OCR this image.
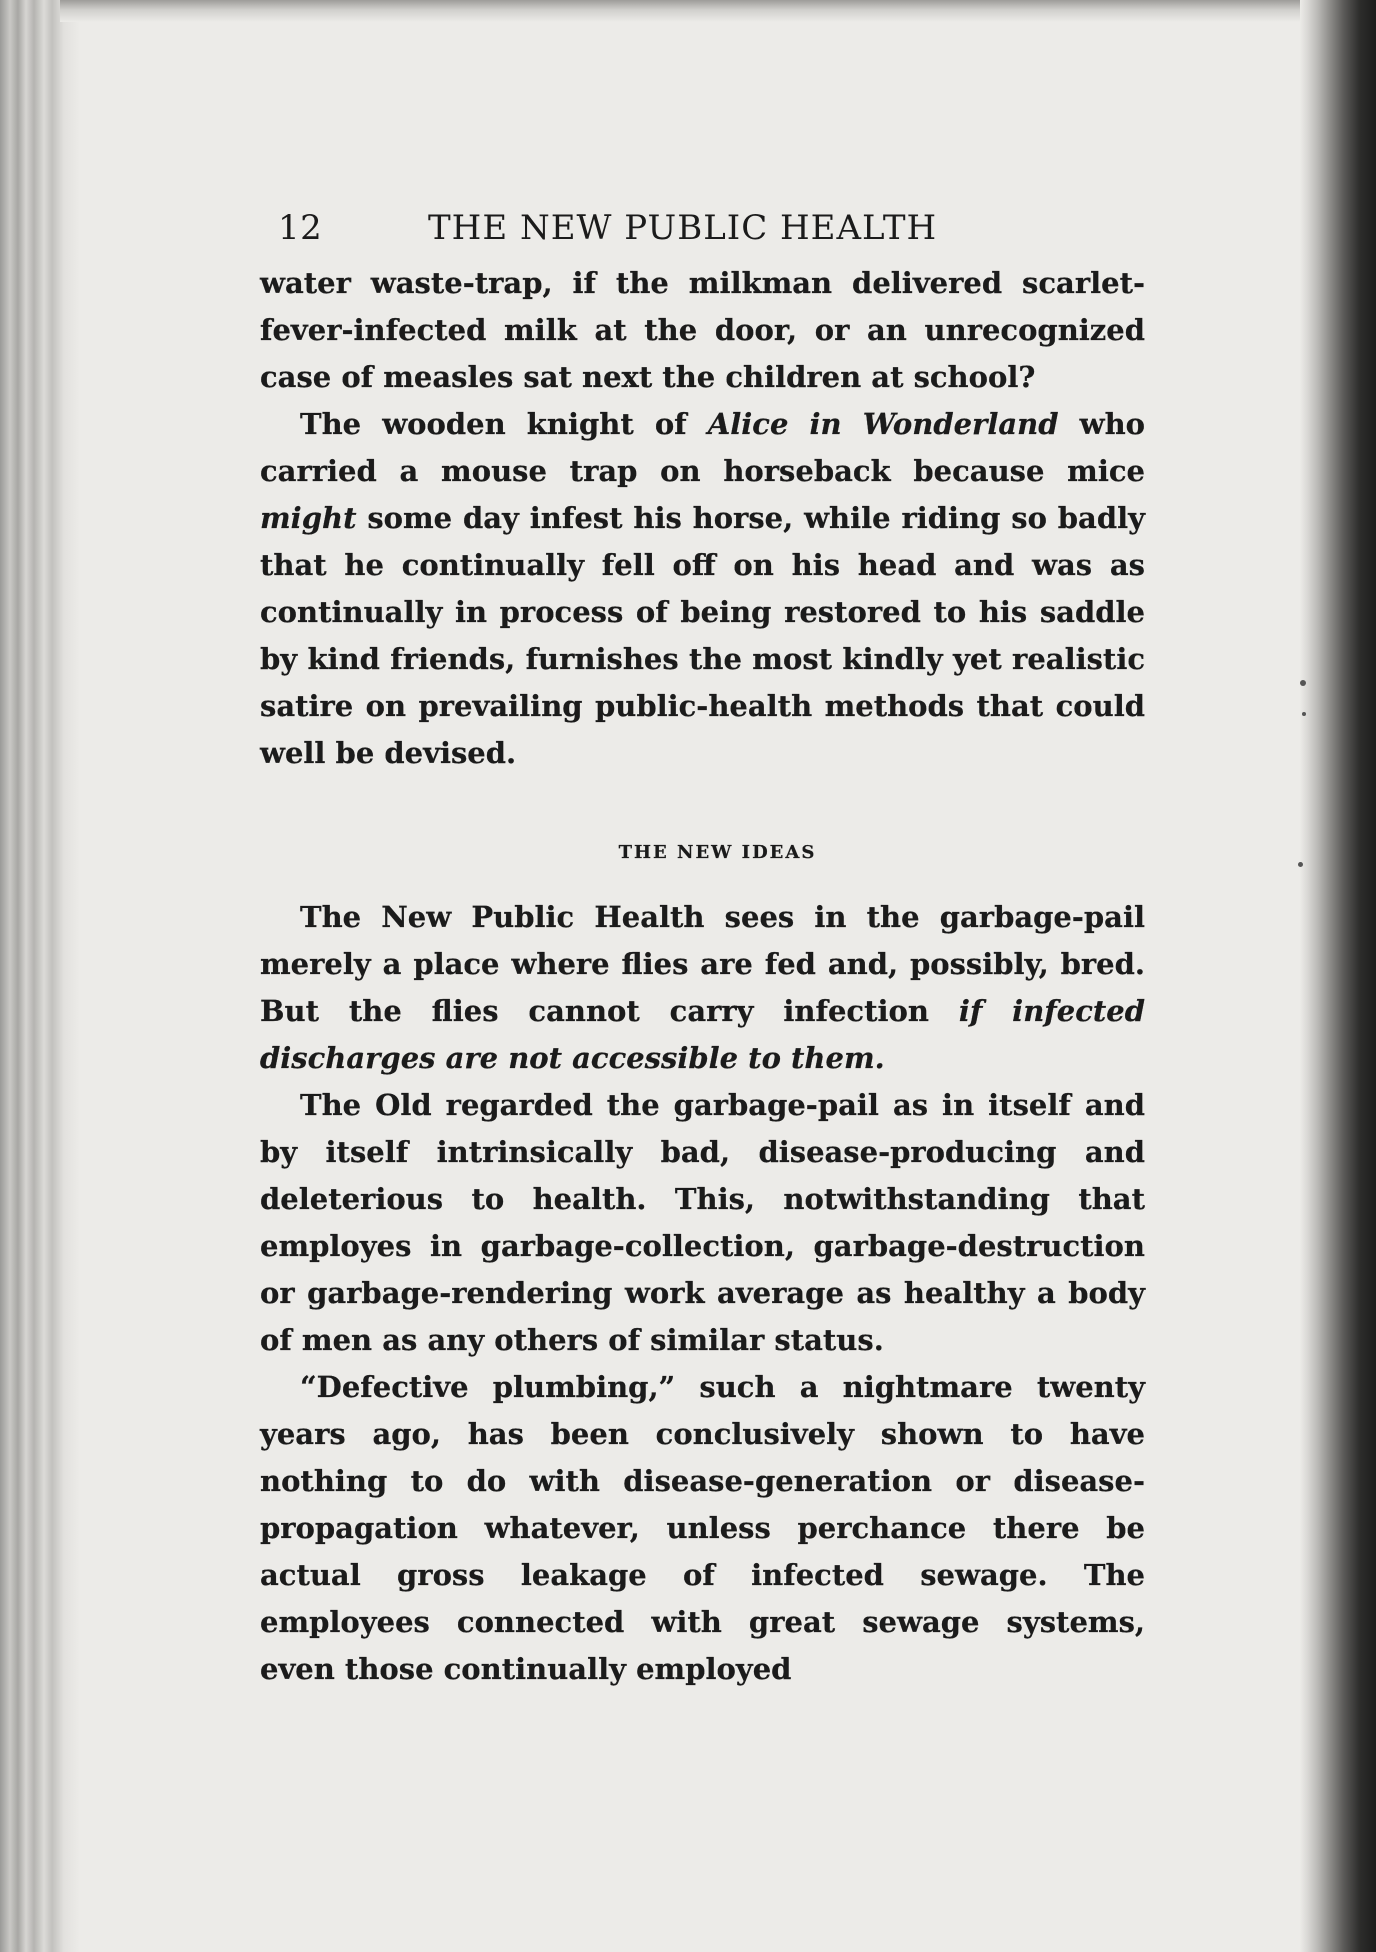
12	THE NEW PUBLIC HEALTH

water waste-trap, if the milkman delivered scarlet-fever-infected milk at the door, or an unrecognized case of measles sat next the children at school?

The wooden knight of Alice in Wonderland who carried a mouse trap on horseback because mice might some day infest his horse, while riding so badly that he continually fell off on his head and was as continually in process of being restored to his saddle by kind friends, furnishes the most kindly yet realistic satire on prevailing public-health methods that could well be devised.

THE NEW IDEAS

The New Public Health sees in the garbage-pail merely a place where flies are fed and, possibly, bred. But the flies cannot carry infection if infected discharges are not accessible to them.

The Old regarded the garbage-pail as in itself and by itself intrinsically bad, disease-producing and deleterious to health. This, notwithstanding that employes in garbage-collection, garbage-destruction or garbage-rendering work average as healthy a body of men as any others of similar status.

“Defective plumbing,” such a nightmare twenty years ago, has been conclusively shown to have nothing to do with disease-generation or disease-propagation whatever, unless perchance there be actual gross leakage of infected sewage. The employees connected with great sewage systems, even those continually employed
